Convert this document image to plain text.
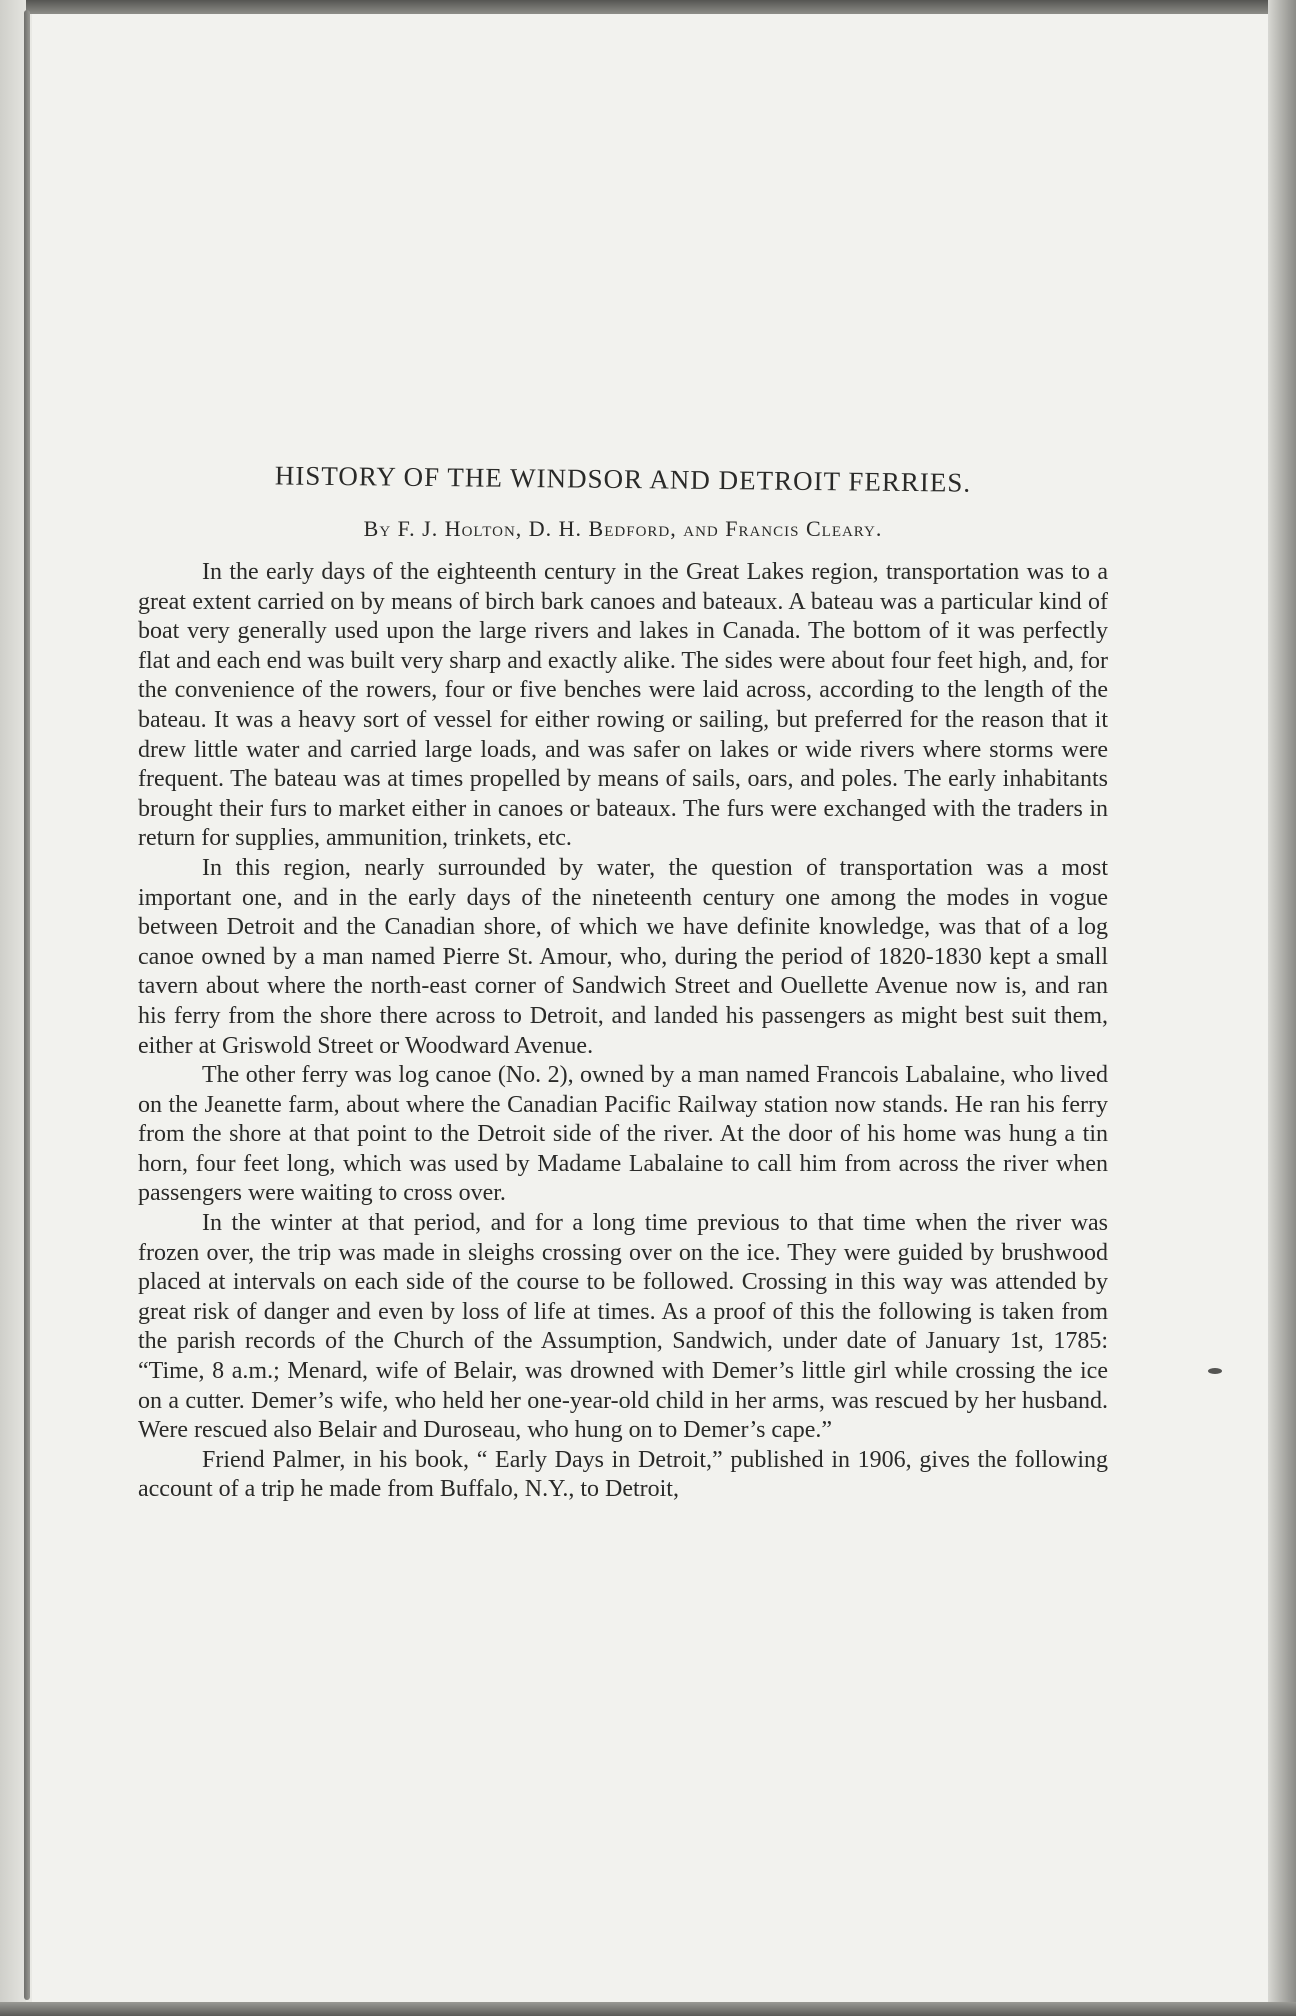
HISTORY OF THE WINDSOR AND DETROIT FERRIES.
By F. J. Holton, D. H. Bedford, and Francis Cleary.

In the early days of the eighteenth century in the Great Lakes region, transportation was to a great extent carried on by means of birch bark canoes and bateaux. A bateau was a particular kind of boat very generally used upon the large rivers and lakes in Canada. The bottom of it was perfectly flat and each end was built very sharp and exactly alike. The sides were about four feet high, and, for the convenience of the rowers, four or five benches were laid across, according to the length of the bateau. It was a heavy sort of vessel for either rowing or sailing, but preferred for the reason that it drew little water and carried large loads, and was safer on lakes or wide rivers where storms were frequent. The bateau was at times propelled by means of sails, oars, and poles. The early inhabitants brought their furs to market either in canoes or bateaux. The furs were exchanged with the traders in return for supplies, ammunition, trinkets, etc.

In this region, nearly surrounded by water, the question of transportation was a most important one, and in the early days of the nineteenth century one among the modes in vogue between Detroit and the Canadian shore, of which we have definite knowledge, was that of a log canoe owned by a man named Pierre St. Amour, who, during the period of 1820-1830 kept a small tavern about where the north-east corner of Sandwich Street and Ouellette Avenue now is, and ran his ferry from the shore there across to Detroit, and landed his passengers as might best suit them, either at Griswold Street or Woodward Avenue.

The other ferry was log canoe (No. 2), owned by a man named Francois Labalaine, who lived on the Jeanette farm, about where the Canadian Pacific Railway station now stands. He ran his ferry from the shore at that point to the Detroit side of the river. At the door of his home was hung a tin horn, four feet long, which was used by Madame Labalaine to call him from across the river when passengers were waiting to cross over.

In the winter at that period, and for a long time previous to that time when the river was frozen over, the trip was made in sleighs crossing over on the ice. They were guided by brushwood placed at intervals on each side of the course to be followed. Crossing in this way was attended by great risk of danger and even by loss of life at times. As a proof of this the following is taken from the parish records of the Church of the Assumption, Sandwich, under date of January 1st, 1785: “Time, 8 a.m.; Menard, wife of Belair, was drowned with Demer’s little girl while crossing the ice on a cutter. Demer’s wife, who held her one-year-old child in her arms, was rescued by her husband. Were rescued also Belair and Duroseau, who hung on to Demer’s cape.”

Friend Palmer, in his book, “ Early Days in Detroit,” published in 1906, gives the following account of a trip he made from Buffalo, N.Y., to Detroit,
